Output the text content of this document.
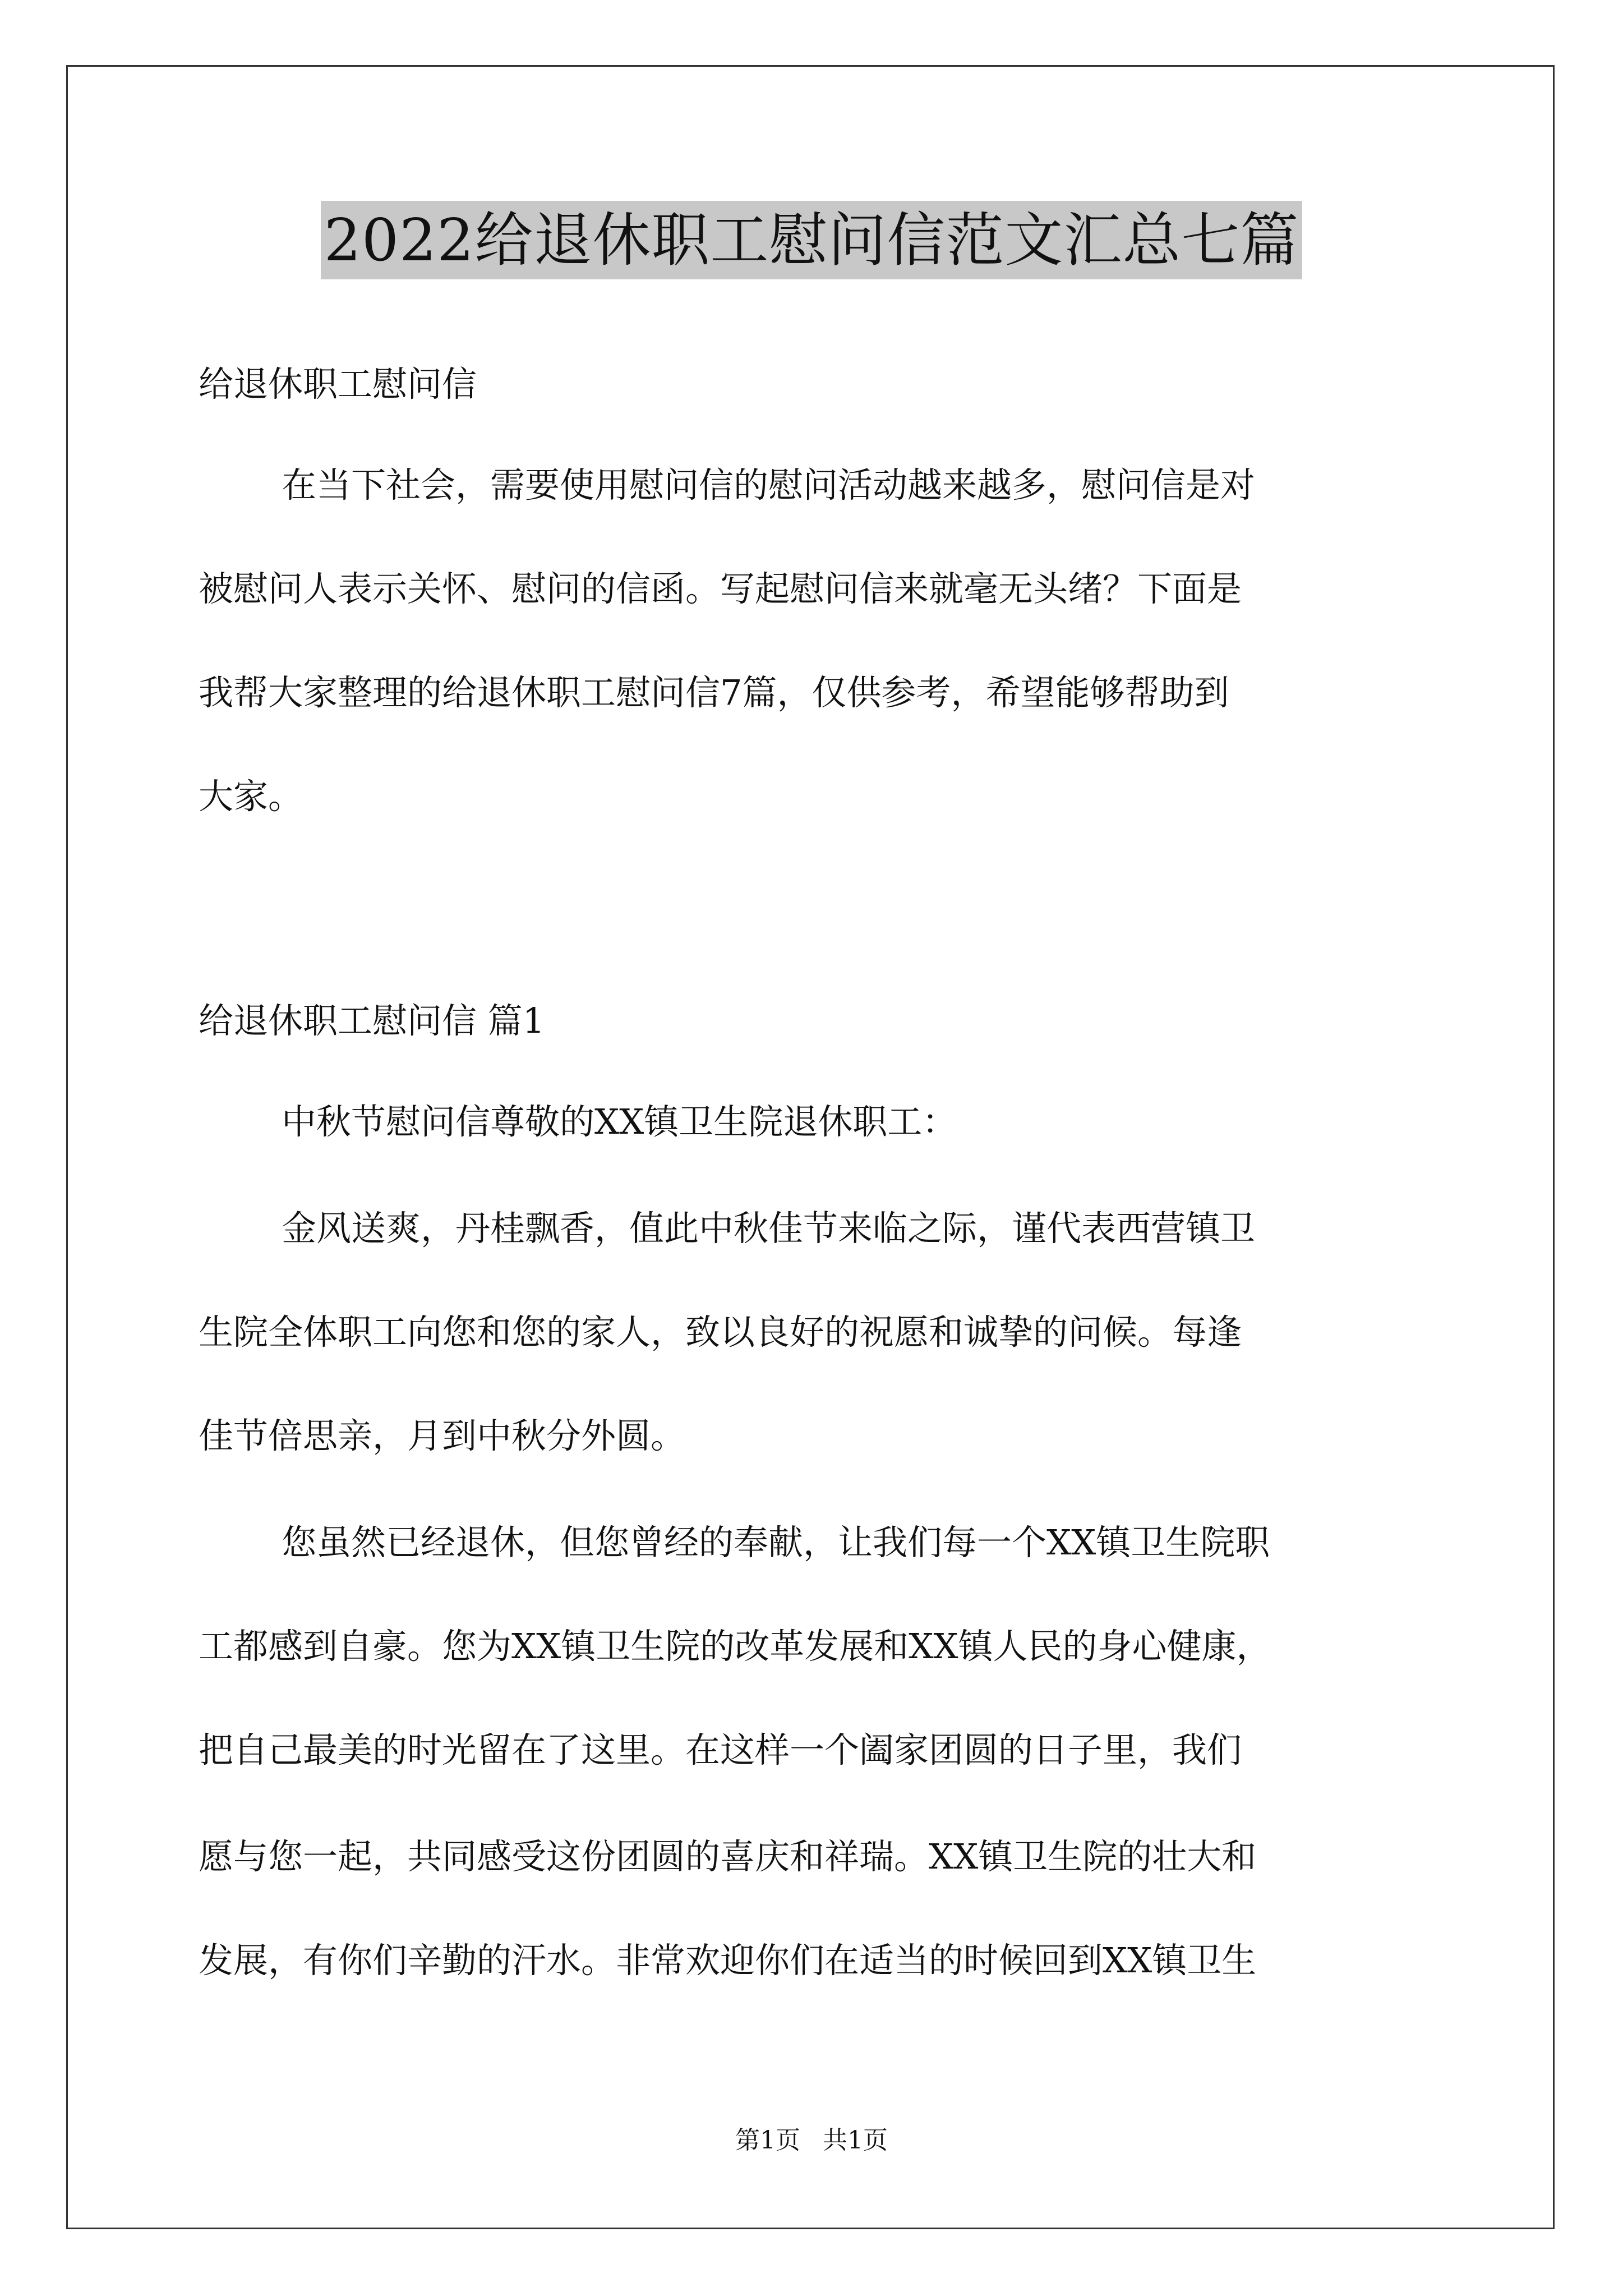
2022给退休职工慰问信范文汇总七篇
给退休职工慰问信
在当下社会，需要使用慰问信的慰问活动越来越多，慰问信是对
被慰问人表示关怀、慰问的信函。写起慰问信来就毫无头绪？下面是
我帮大家整理的给退休职工慰问信7篇，仅供参考，希望能够帮助到
大家。
给退休职工慰问信 篇1
中秋节慰问信尊敬的XX镇卫生院退休职工：
金风送爽，丹桂飘香，值此中秋佳节来临之际，谨代表西营镇卫
生院全体职工向您和您的家人，致以良好的祝愿和诚挚的问候。每逢
佳节倍思亲，月到中秋分外圆。
您虽然已经退休，但您曾经的奉献，让我们每一个XX镇卫生院职
工都感到自豪。您为XX镇卫生院的改革发展和XX镇人民的身心健康，
把自己最美的时光留在了这里。在这样一个阖家团圆的日子里，我们
愿与您一起，共同感受这份团圆的喜庆和祥瑞。XX镇卫生院的壮大和
发展，有你们辛勤的汗水。非常欢迎你们在适当的时候回到XX镇卫生
第1页 共1页
